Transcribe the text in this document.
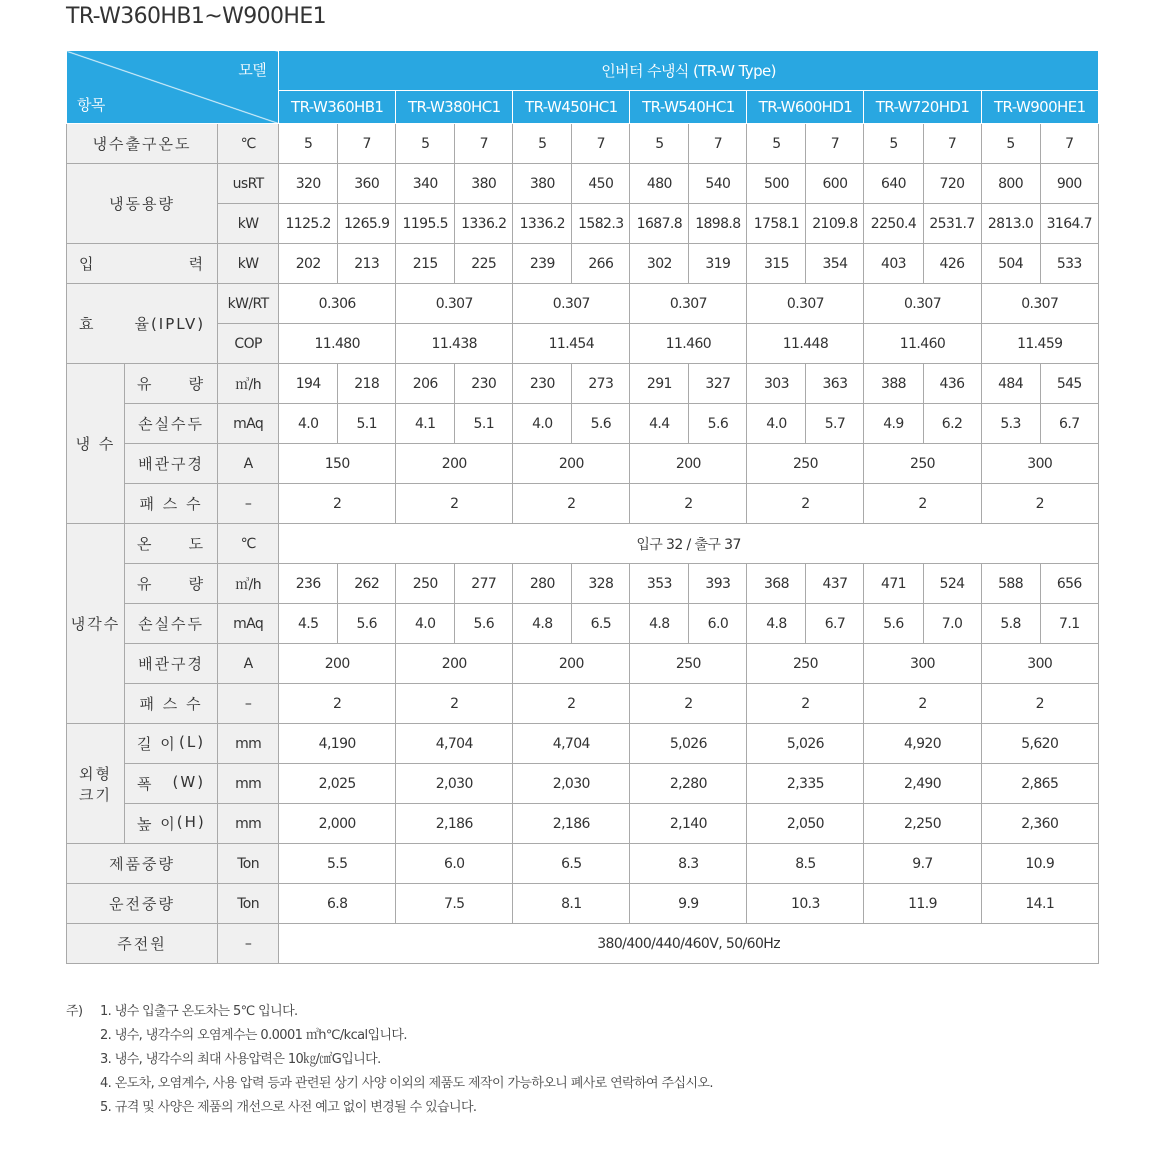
TR-W360HB1~W900HE1
모델
항목			인버터 수냉식 (TR-W Type)													
			TR-W360HB1		TR-W380HC1		TR-W450HC1		TR-W540HC1		TR-W600HD1		TR-W720HD1		TR-W900HE1	
냉수출구온도		℃	5	7	5	7	5	7	5	7	5	7	5	7	5	7
냉동용량		usRT	320	360	340	380	380	450	480	540	500	600	640	720	800	900
		kW	1125.2	1265.9	1195.5	1336.2	1336.2	1582.3	1687.8	1898.8	1758.1	2109.8	2250.4	2531.7	2813.0	3164.7

입 력		kW	202	213	215	225	239	266	302	319	315	354	403	426	504	533

효 율(IPLV)		kW/RT	0.306		0.307		0.307		0.307		0.307		0.307		0.307	
		COP	11.480		11.438		11.454		11.460		11.448		11.460		11.459	
냉 수	유 량	㎥/h	194	218	206	230	230	273	291	327	303	363	388	436	484	545
	손실수두	mAq	4.0	5.1	4.1	5.1	4.0	5.6	4.4	5.6	4.0	5.7	4.9	6.2	5.3	6.7
	배관구경	A	150		200		200		200		250		250		300	
	패 스 수	–	2		2		2		2		2		2		2	
냉각수	온 도	℃	입구 32 / 출구 37													

	유 량	㎥/h	236	262	250	277	280	328	353	393	368	437	471	524	588	656
	손실수두	mAq	4.5	5.6	4.0	5.6	4.8	6.5	4.8	6.0	4.8	6.7	5.6	7.0	5.8	7.1
	배관구경	A	200		200		200		250		250		300		300	
	패 스 수	–	2		2		2		2		2		2		2	
외형
크기	길 이 (L)	mm	4,190		4,704		4,704		5,026		5,026		4,920		5,620	

	폭 (W)	mm	2,025		2,030		2,030		2,280		2,335		2,490		2,865	

	높 이 (H)	mm	2,000		2,186		2,186		2,140		2,050		2,250		2,360	
제품중량		Ton	5.5		6.0		6.5		8.3		8.5		9.7		10.9	
운전중량		Ton	6.8		7.5		8.1		9.9		10.3		11.9		14.1	
주전원		–	380/400/440/460V, 50/60Hz													
주)	1. 냉수 입출구 온도차는 5℃ 입니다.
2. 냉수, 냉각수의 오염계수는 0.0001 ㎡h℃/kcal입니다.
3. 냉수, 냉각수의 최대 사용압력은 10㎏/㎠G입니다.
4. 온도차, 오염계수, 사용 압력 등과 관련된 상기 사양 이외의 제품도 제작이 가능하오니 폐사로 연락하여 주십시오.
5. 규격 및 사양은 제품의 개선으로 사전 예고 없이 변경될 수 있습니다.
